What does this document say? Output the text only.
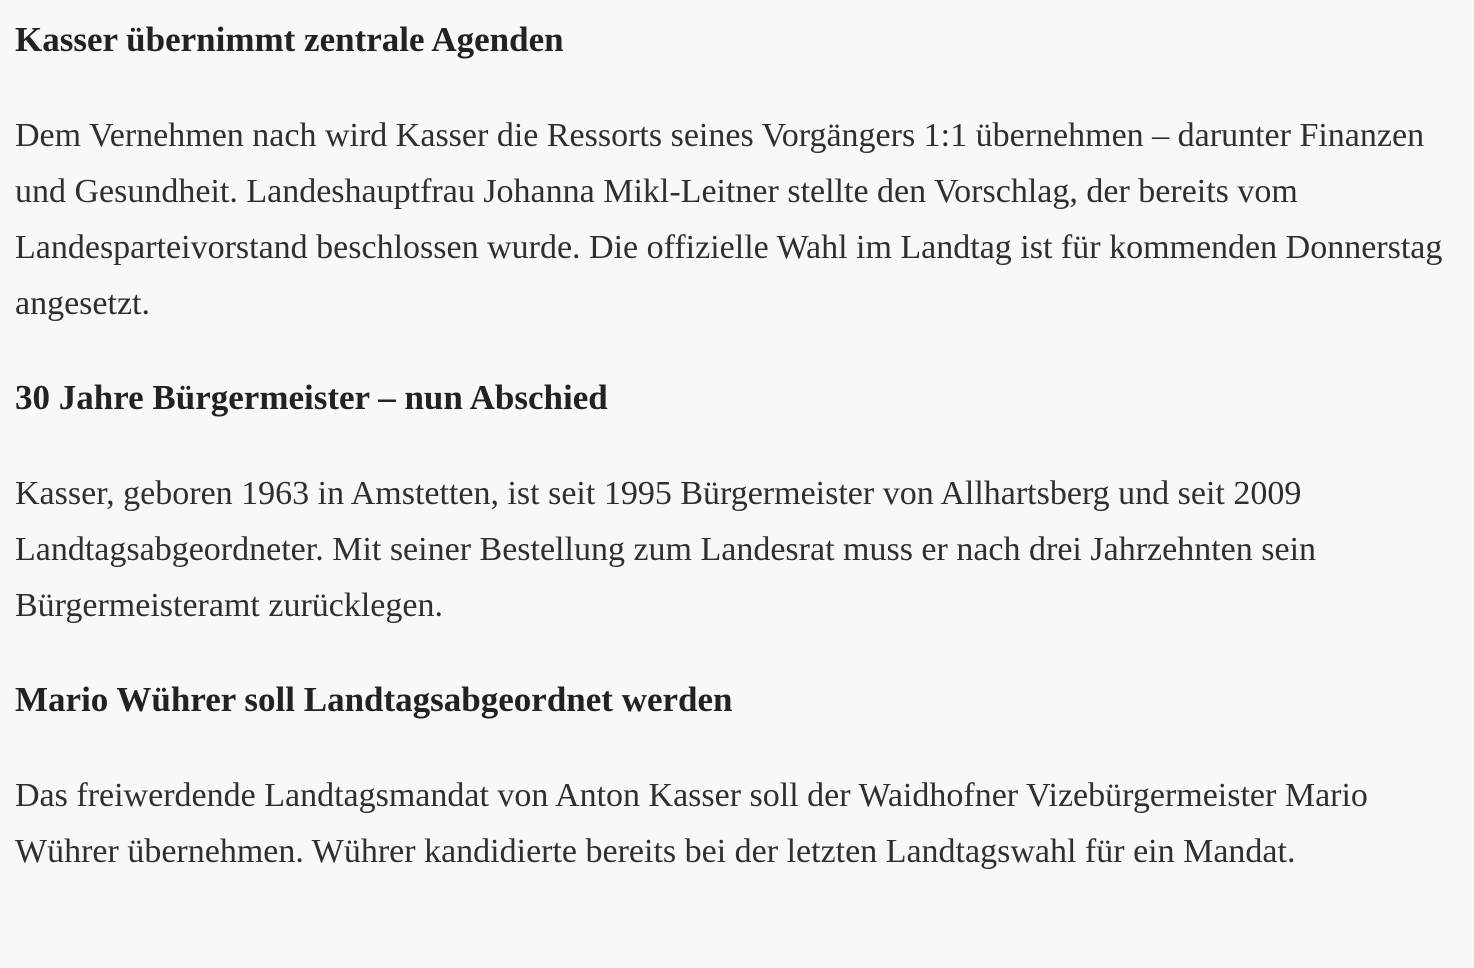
Kasser übernimmt zentrale Agenden

Dem Vernehmen nach wird Kasser die Ressorts seines Vorgängers 1:1 übernehmen – darunter Finanzen und Gesundheit. Landeshauptfrau Johanna Mikl-Leitner stellte den Vorschlag, der bereits vom Landesparteivorstand beschlossen wurde. Die offizielle Wahl im Landtag ist für kommenden Donnerstag angesetzt.

30 Jahre Bürgermeister – nun Abschied

Kasser, geboren 1963 in Amstetten, ist seit 1995 Bürgermeister von Allhartsberg und seit 2009 Landtagsabgeordneter. Mit seiner Bestellung zum Landesrat muss er nach drei Jahrzehnten sein Bürgermeisteramt zurücklegen.

Mario Wührer soll Landtagsabgeordnet werden

Das freiwerdende Landtagsmandat von Anton Kasser soll der Waidhofner Vizebürgermeister Mario Wührer übernehmen. Wührer kandidierte bereits bei der letzten Landtagswahl für ein Mandat.
